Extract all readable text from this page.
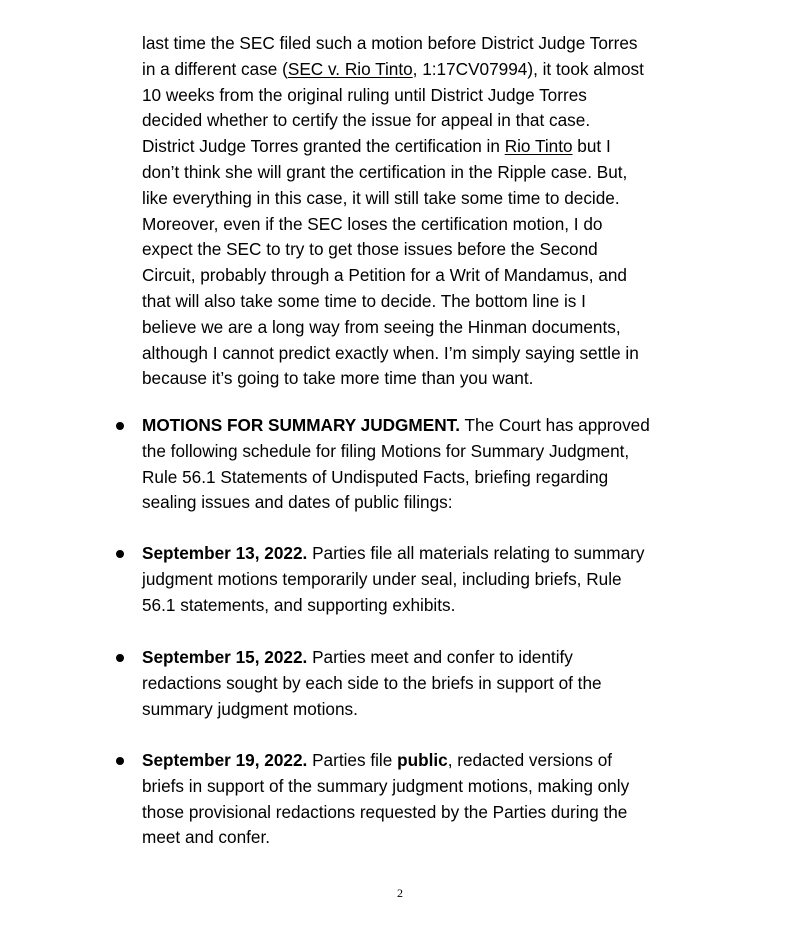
last time the SEC filed such a motion before District Judge Torres
in a different case (SEC v. Rio Tinto, 1:17CV07994), it took almost
10 weeks from the original ruling until District Judge Torres
decided whether to certify the issue for appeal in that case.
District Judge Torres granted the certification in Rio Tinto but I
don’t think she will grant the certification in the Ripple case. But,
like everything in this case, it will still take some time to decide.
Moreover, even if the SEC loses the certification motion, I do
expect the SEC to try to get those issues before the Second
Circuit, probably through a Petition for a Writ of Mandamus, and
that will also take some time to decide. The bottom line is I
believe we are a long way from seeing the Hinman documents,
although I cannot predict exactly when. I’m simply saying settle in
because it’s going to take more time than you want.
MOTIONS FOR SUMMARY JUDGMENT. The Court has approved
the following schedule for filing Motions for Summary Judgment,
Rule 56.1 Statements of Undisputed Facts, briefing regarding
sealing issues and dates of public filings:
September 13, 2022. Parties file all materials relating to summary
judgment motions temporarily under seal, including briefs, Rule
56.1 statements, and supporting exhibits.
September 15, 2022. Parties meet and confer to identify
redactions sought by each side to the briefs in support of the
summary judgment motions.
September 19, 2022. Parties file public, redacted versions of
briefs in support of the summary judgment motions, making only
those provisional redactions requested by the Parties during the
meet and confer.
2
